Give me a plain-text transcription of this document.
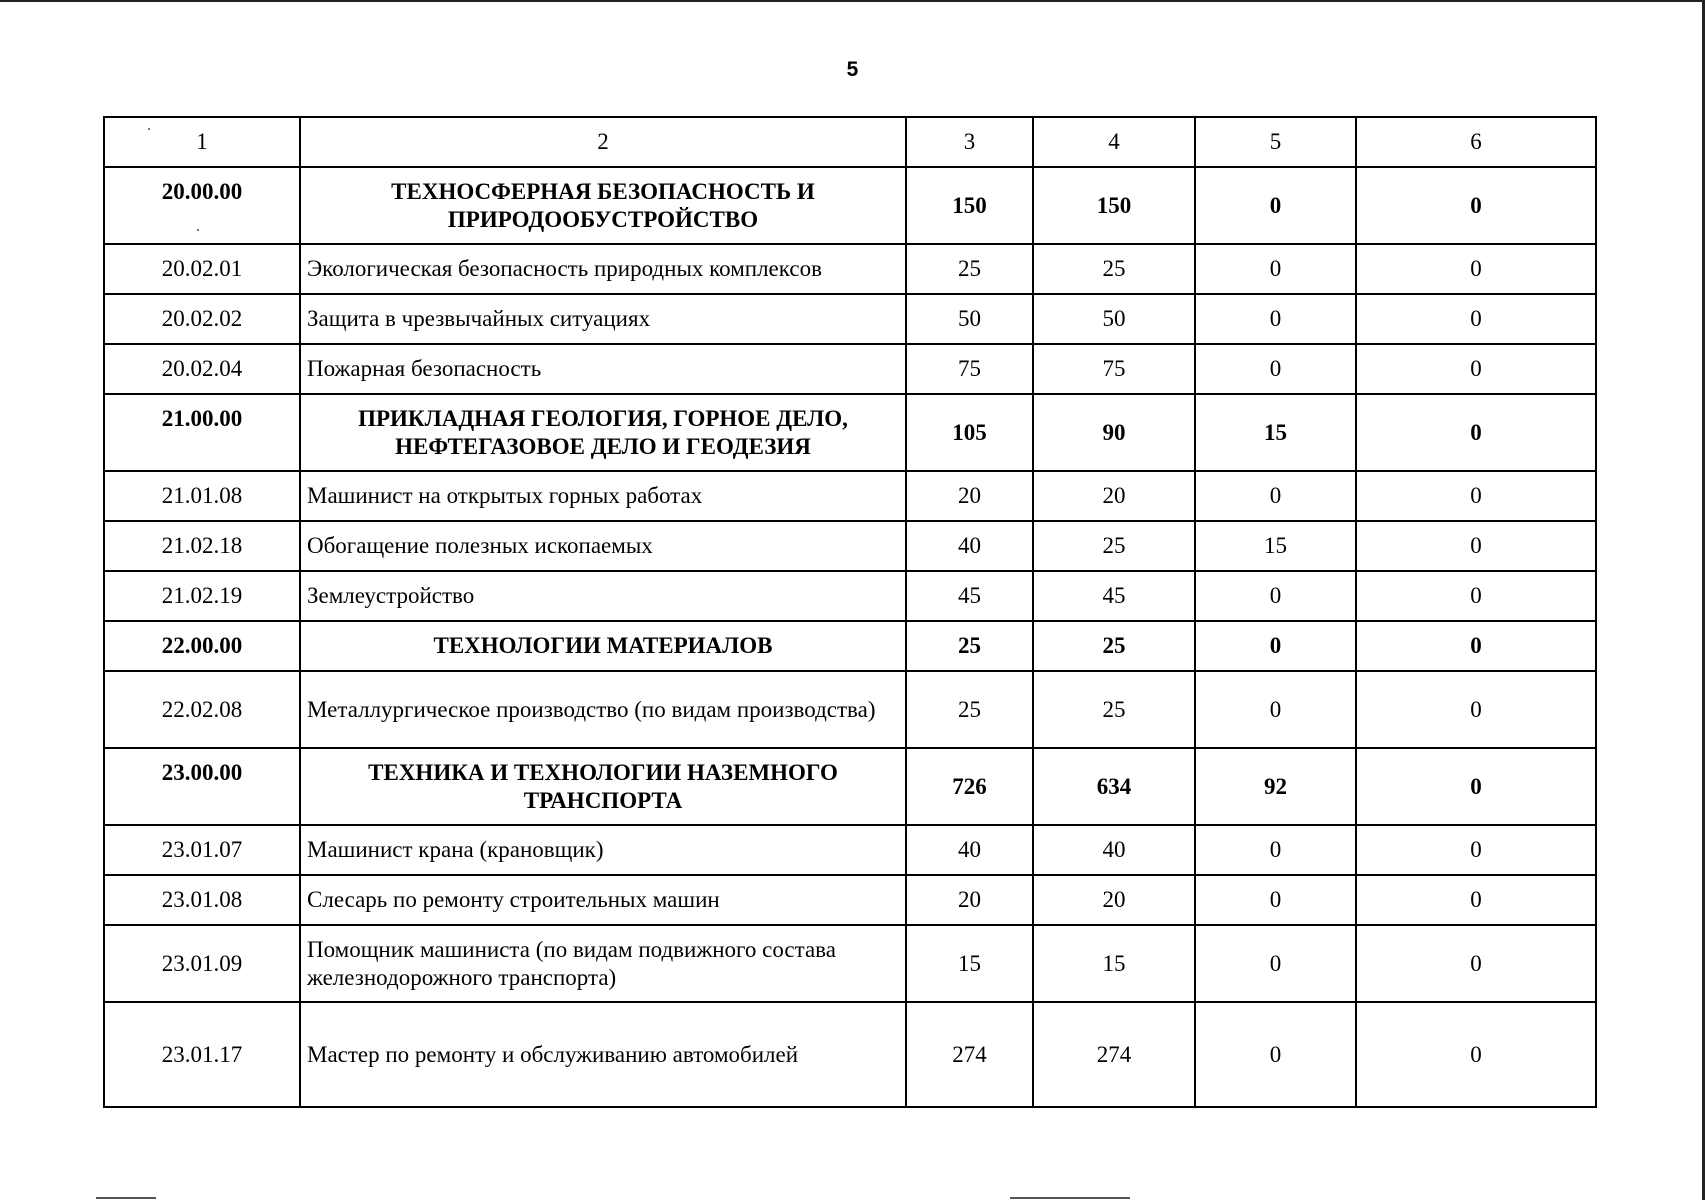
5
1	2	3	4	5	6
20.00.00	ТЕХНОСФЕРНАЯ БЕЗОПАСНОСТЬ И ПРИРОДООБУСТРОЙСТВО	150	150	0	0
20.02.01	Экологическая безопасность природных комплексов	25	25	0	0
20.02.02	Защита в чрезвычайных ситуациях	50	50	0	0
20.02.04	Пожарная безопасность	75	75	0	0
21.00.00	ПРИКЛАДНАЯ ГЕОЛОГИЯ, ГОРНОЕ ДЕЛО, НЕФТЕГАЗОВОЕ ДЕЛО И ГЕОДЕЗИЯ	105	90	15	0
21.01.08	Машинист на открытых горных работах	20	20	0	0
21.02.18	Обогащение полезных ископаемых	40	25	15	0
21.02.19	Землеустройство	45	45	0	0
22.00.00	ТЕХНОЛОГИИ МАТЕРИАЛОВ	25	25	0	0
22.02.08	Металлургическое производство (по видам производства)	25	25	0	0
23.00.00	ТЕХНИКА И ТЕХНОЛОГИИ НАЗЕМНОГО ТРАНСПОРТА	726	634	92	0
23.01.07	Машинист крана (крановщик)	40	40	0	0
23.01.08	Слесарь по ремонту строительных машин	20	20	0	0
23.01.09	Помощник машиниста (по видам подвижного состава железнодорожного транспорта)	15	15	0	0
23.01.17	Мастер по ремонту и обслуживанию автомобилей	274	274	0	0
